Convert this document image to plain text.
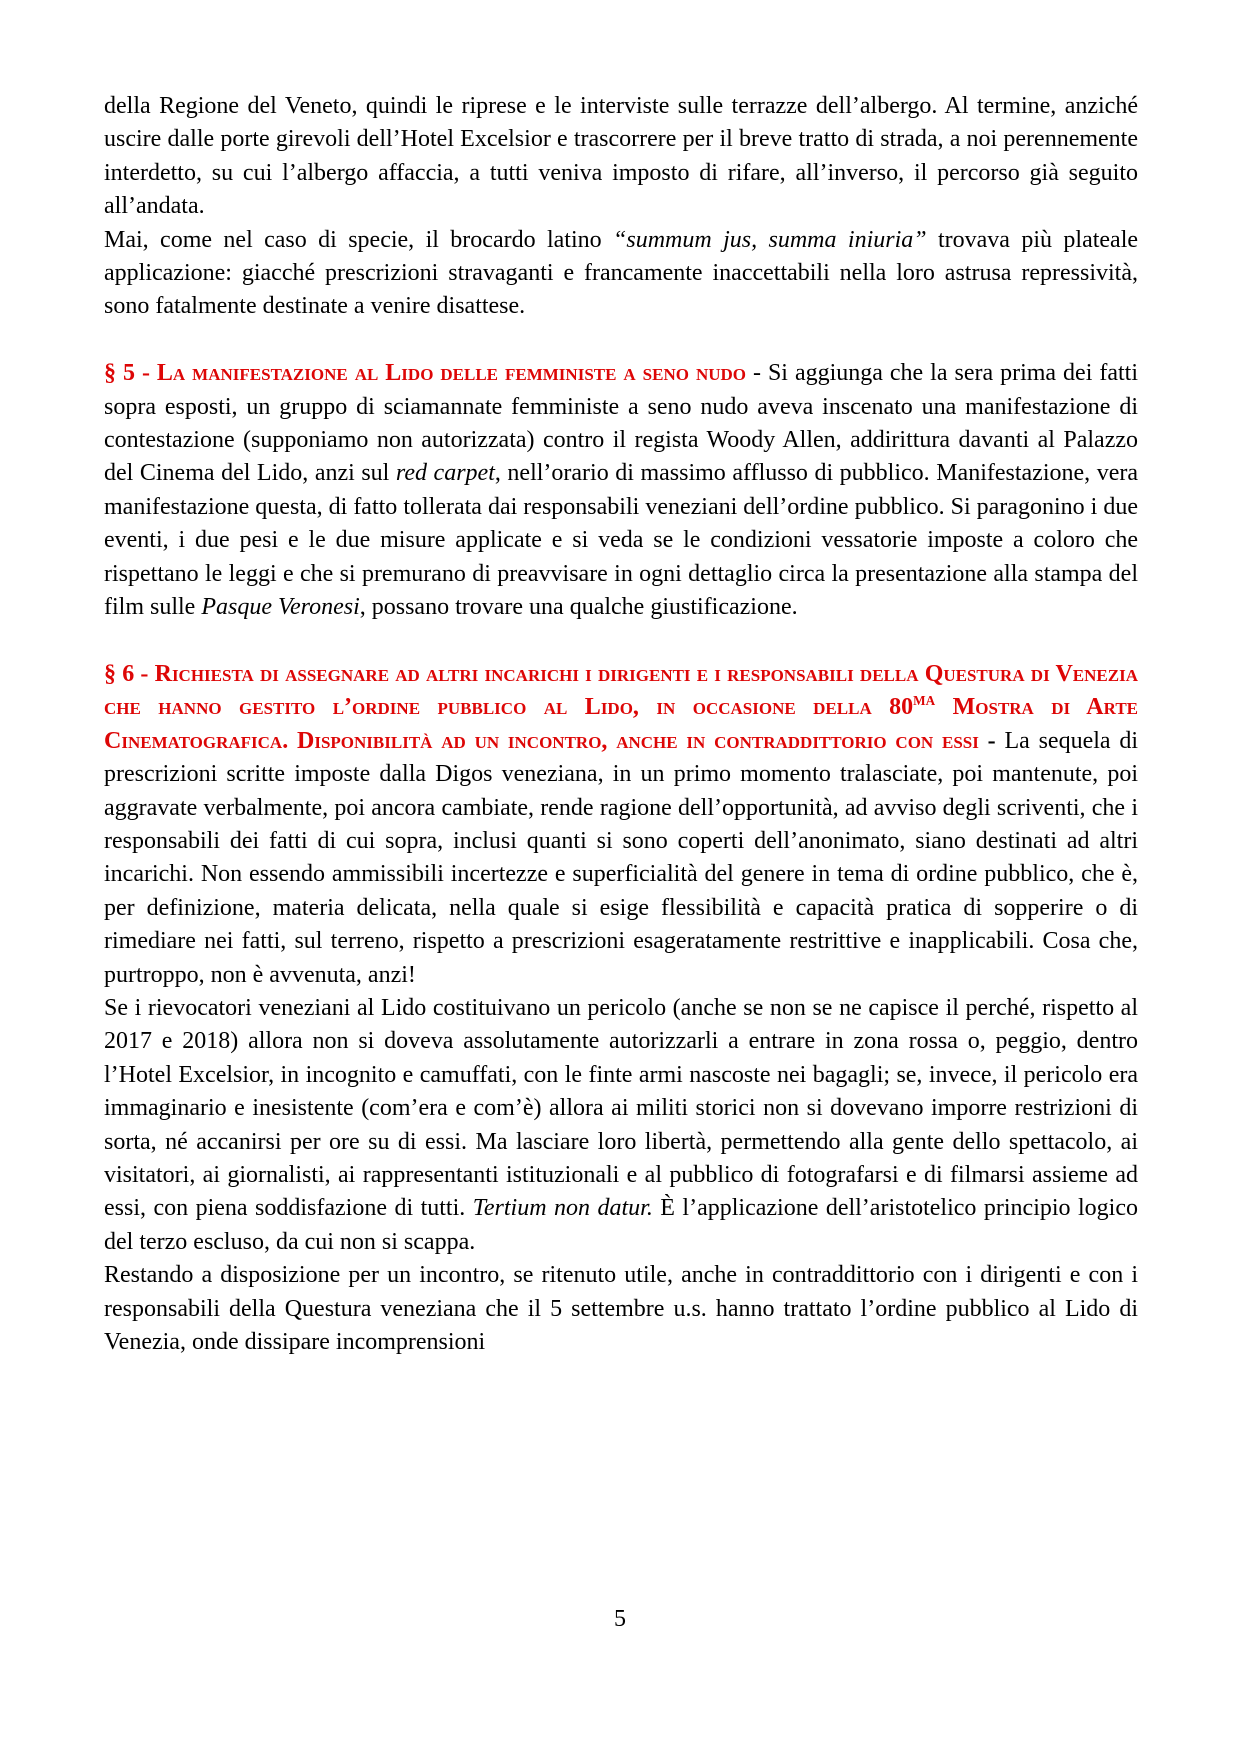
della Regione del Veneto, quindi le riprese e le interviste sulle terrazze dell’albergo. Al termine, anziché uscire dalle porte girevoli dell’Hotel Excelsior e trascorrere per il breve tratto di strada, a noi perennemente interdetto, su cui l’albergo affaccia, a tutti veniva imposto di rifare, all’inverso, il percorso già seguito all’andata.

Mai, come nel caso di specie, il brocardo latino “summum jus, summa iniuria” trovava più plateale applicazione: giacché prescrizioni stravaganti e francamente inaccettabili nella loro astrusa repressività, sono fatalmente destinate a venire disattese.

§ 5 - La manifestazione al Lido delle femministe a seno nudo - Si aggiunga che la sera prima dei fatti sopra esposti, un gruppo di sciamannate femministe a seno nudo aveva inscenato una manifestazione di contestazione (supponiamo non autorizzata) contro il regista Woody Allen, addirittura davanti al Palazzo del Cinema del Lido, anzi sul red carpet, nell’orario di massimo afflusso di pubblico. Manifestazione, vera manifestazione questa, di fatto tollerata dai responsabili veneziani dell’ordine pubblico. Si paragonino i due eventi, i due pesi e le due misure applicate e si veda se le condizioni vessatorie imposte a coloro che rispettano le leggi e che si premurano di preavvisare in ogni dettaglio circa la presentazione alla stampa del film sulle Pasque Veronesi, possano trovare una qualche giustificazione.

§ 6 - Richiesta di assegnare ad altri incarichi i dirigenti e i responsabili della Questura di Venezia che hanno gestito l’ordine pubblico al Lido, in occasione della $80^{MA}$ Mostra di Arte Cinematografica. Disponibilità ad un incontro, anche in contraddittorio con essi - La sequela di prescrizioni scritte imposte dalla Digos veneziana, in un primo momento tralasciate, poi mantenute, poi aggravate verbalmente, poi ancora cambiate, rende ragione dell’opportunità, ad avviso degli scriventi, che i responsabili dei fatti di cui sopra, inclusi quanti si sono coperti dell’anonimato, siano destinati ad altri incarichi. Non essendo ammissibili incertezze e superficialità del genere in tema di ordine pubblico, che è, per definizione, materia delicata, nella quale si esige flessibilità e capacità pratica di sopperire o di rimediare nei fatti, sul terreno, rispetto a prescrizioni esageratamente restrittive e inapplicabili. Cosa che, purtroppo, non è avvenuta, anzi!

Se i rievocatori veneziani al Lido costituivano un pericolo (anche se non se ne capisce il perché, rispetto al 2017 e 2018) allora non si doveva assolutamente autorizzarli a entrare in zona rossa o, peggio, dentro l’Hotel Excelsior, in incognito e camuffati, con le finte armi nascoste nei bagagli; se, invece, il pericolo era immaginario e inesistente (com’era e com’è) allora ai militi storici non si dovevano imporre restrizioni di sorta, né accanirsi per ore su di essi. Ma lasciare loro libertà, permettendo alla gente dello spettacolo, ai visitatori, ai giornalisti, ai rappresentanti istituzionali e al pubblico di fotografarsi e di filmarsi assieme ad essi, con piena soddisfazione di tutti. Tertium non datur. È l’applicazione dell’aristotelico principio logico del terzo escluso, da cui non si scappa.

Restando a disposizione per un incontro, se ritenuto utile, anche in contraddittorio con i dirigenti e con i responsabili della Questura veneziana che il 5 settembre u.s. hanno trattato l’ordine pubblico al Lido di Venezia, onde dissipare incomprensioni

5
